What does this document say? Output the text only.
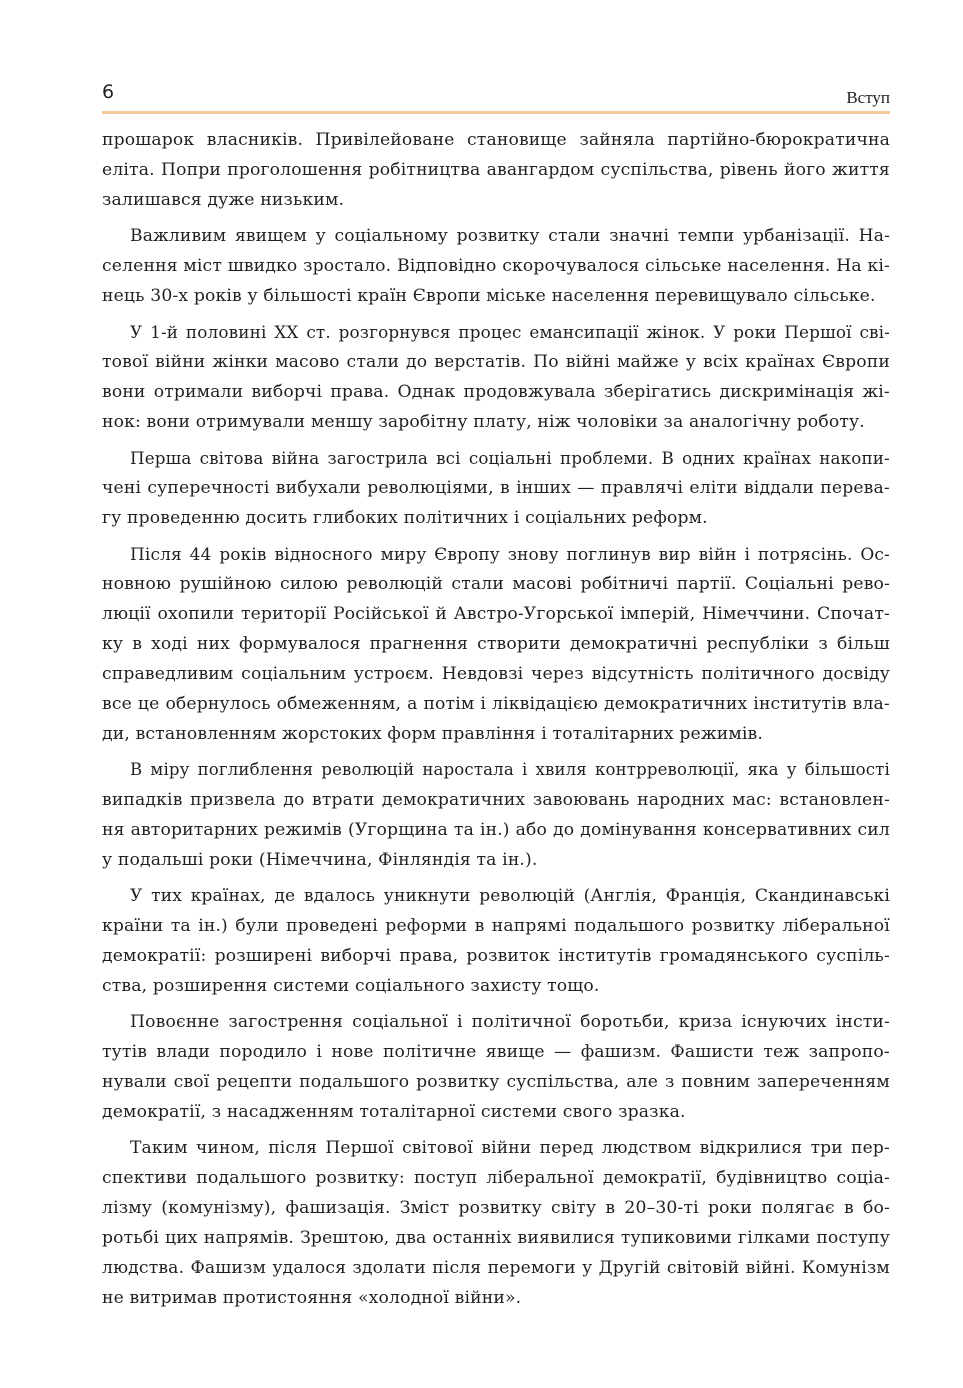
6	Вступ
прошарок власників. Привілейоване становище зайняла партійно-бюрократична
еліта. Попри проголошення робітництва авангардом суспільства, рівень його життя
залишався дуже низьким.
Важливим явищем у соціальному розвитку стали значні темпи урбанізації. На-
селення міст швидко зростало. Відповідно скорочувалося сільське населення. На кі-
нець 30-х років у більшості країн Європи міське населення перевищувало сільське.
У 1-й половині XX ст. розгорнувся процес емансипації жінок. У роки Першої сві-
тової війни жінки масово стали до верстатів. По війні майже у всіх країнах Європи
вони отримали виборчі права. Однак продовжувала зберігатись дискримінація жі-
нок: вони отримували меншу заробітну плату, ніж чоловіки за аналогічну роботу.
Перша світова війна загострила всі соціальні проблеми. В одних країнах накопи-
чені суперечності вибухали революціями, в інших — правлячі еліти віддали перева-
гу проведенню досить глибоких політичних і соціальних реформ.
Після 44 років відносного миру Європу знову поглинув вир війн і потрясінь. Ос-
новною рушійною силою революцій стали масові робітничі партії. Соціальні рево-
люції охопили території Російської й Австро-Угорської імперій, Німеччини. Спочат-
ку в ході них формувалося прагнення створити демократичні республіки з більш
справедливим соціальним устроєм. Невдовзі через відсутність політичного досвіду
все це обернулось обмеженням, а потім і ліквідацією демократичних інститутів вла-
ди, встановленням жорстоких форм правління і тоталітарних режимів.
В міру поглиблення революцій наростала і хвиля контрреволюції, яка у більшості
випадків призвела до втрати демократичних завоювань народних мас: встановлен-
ня авторитарних режимів (Угорщина та ін.) або до домінування консервативних сил
у подальші роки (Німеччина, Фінляндія та ін.).
У тих країнах, де вдалось уникнути революцій (Англія, Франція, Скандинавські
країни та ін.) були проведені реформи в напрямі подальшого розвитку ліберальної
демократії: розширені виборчі права, розвиток інститутів громадянського суспіль-
ства, розширення системи соціального захисту тощо.
Повоєнне загострення соціальної і політичної боротьби, криза існуючих інсти-
тутів влади породило і нове політичне явище — фашизм. Фашисти теж запропо-
нували свої рецепти подальшого розвитку суспільства, але з повним запереченням
демократії, з насадженням тоталітарної системи свого зразка.
Таким чином, після Першої світової війни перед людством відкрилися три пер-
спективи подальшого розвитку: поступ ліберальної демократії, будівництво соціа-
лізму (комунізму), фашизація. Зміст розвитку світу в 20–30-ті роки полягає в бо-
ротьбі цих напрямів. Зрештою, два останніх виявилися тупиковими гілками поступу
людства. Фашизм удалося здолати після перемоги у Другій світовій війні. Комунізм
не витримав протистояння «холодної війни».
